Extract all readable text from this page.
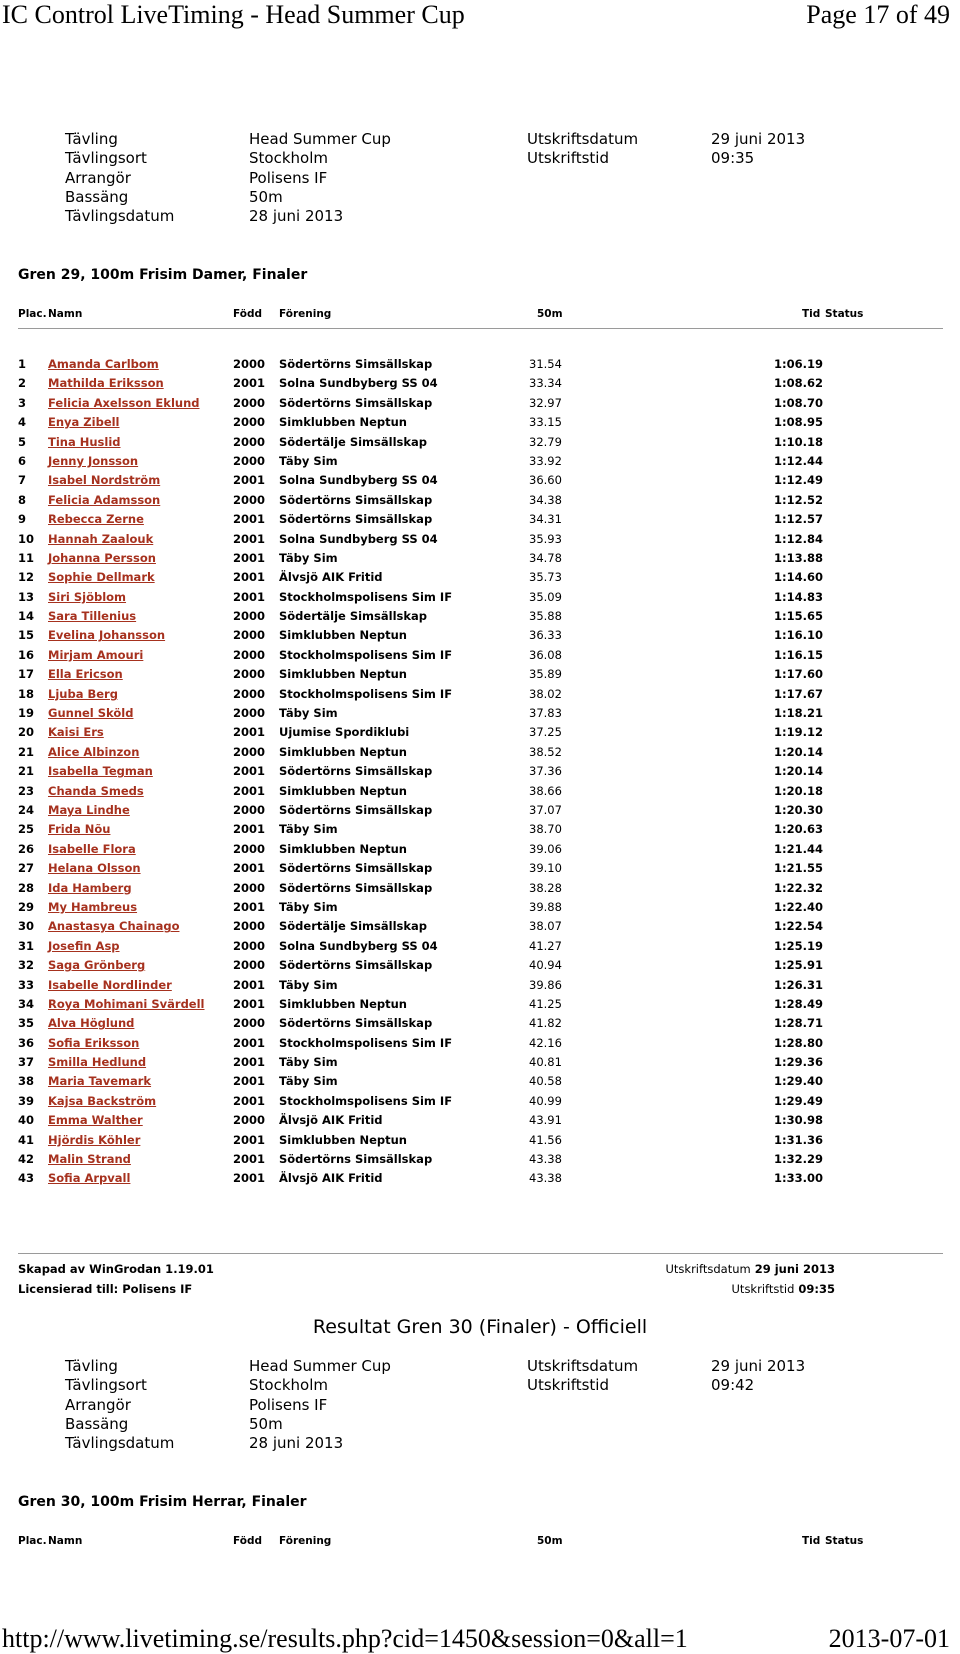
IC Control LiveTiming - Head Summer Cup	Page 17 of 49
Tävling	Head Summer Cup	Utskriftsdatum	29 juni 2013
Tävlingsort	Stockholm	Utskriftstid	09:35
Arrangör	Polisens IF
Bassäng	50m
Tävlingsdatum	28 juni 2013
Gren 29, 100m Frisim Damer, Finaler
Plac. Namn	Född Förening	50m	Tid Status
1 Amanda Carlbom	2000 Södertörns Simsällskap	31.54	1:06.19
2 Mathilda Eriksson	2001 Solna Sundbyberg SS 04	33.34	1:08.62
3 Felicia Axelsson Eklund	2000 Södertörns Simsällskap	32.97	1:08.70
4 Enya Zibell	2000 Simklubben Neptun	33.15	1:08.95
5 Tina Huslid	2000 Södertälje Simsällskap	32.79	1:10.18
6 Jenny Jonsson	2000 Täby Sim	33.92	1:12.44
7 Isabel Nordström	2001 Solna Sundbyberg SS 04	36.60	1:12.49
8 Felicia Adamsson	2000 Södertörns Simsällskap	34.38	1:12.52
9 Rebecca Zerne	2001 Södertörns Simsällskap	34.31	1:12.57
10 Hannah Zaalouk	2001 Solna Sundbyberg SS 04	35.93	1:12.84
11 Johanna Persson	2001 Täby Sim	34.78	1:13.88
12 Sophie Dellmark	2001 Älvsjö AIK Fritid	35.73	1:14.60
13 Siri Sjöblom	2001 Stockholmspolisens Sim IF	35.09	1:14.83
14 Sara Tillenius	2000 Södertälje Simsällskap	35.88	1:15.65
15 Evelina Johansson	2000 Simklubben Neptun	36.33	1:16.10
16 Mirjam Amouri	2000 Stockholmspolisens Sim IF	36.08	1:16.15
17 Ella Ericson	2000 Simklubben Neptun	35.89	1:17.60
18 Ljuba Berg	2000 Stockholmspolisens Sim IF	38.02	1:17.67
19 Gunnel Sköld	2000 Täby Sim	37.83	1:18.21
20 Kaisi Ers	2001 Ujumise Spordiklubi	37.25	1:19.12
21 Alice Albinzon	2000 Simklubben Neptun	38.52	1:20.14
21 Isabella Tegman	2001 Södertörns Simsällskap	37.36	1:20.14
23 Chanda Smeds	2001 Simklubben Neptun	38.66	1:20.18
24 Maya Lindhe	2000 Södertörns Simsällskap	37.07	1:20.30
25 Frida Nõu	2001 Täby Sim	38.70	1:20.63
26 Isabelle Flora	2000 Simklubben Neptun	39.06	1:21.44
27 Helana Olsson	2001 Södertörns Simsällskap	39.10	1:21.55
28 Ida Hamberg	2000 Södertörns Simsällskap	38.28	1:22.32
29 My Hambreus	2001 Täby Sim	39.88	1:22.40
30 Anastasya Chainago	2000 Södertälje Simsällskap	38.07	1:22.54
31 Josefin Asp	2000 Solna Sundbyberg SS 04	41.27	1:25.19
32 Saga Grönberg	2000 Södertörns Simsällskap	40.94	1:25.91
33 Isabelle Nordlinder	2001 Täby Sim	39.86	1:26.31
34 Roya Mohimani Svärdell 2001 Simklubben Neptun	41.25	1:28.49
35 Alva Höglund	2000 Södertörns Simsällskap	41.82	1:28.71
36 Sofia Eriksson	2001 Stockholmspolisens Sim IF	42.16	1:28.80
37 Smilla Hedlund	2001 Täby Sim	40.81	1:29.36
38 Maria Tavemark	2001 Täby Sim	40.58	1:29.40
39 Kajsa Backström	2001 Stockholmspolisens Sim IF	40.99	1:29.49
40 Emma Walther	2000 Älvsjö AIK Fritid	43.91	1:30.98
41 Hjördis Köhler	2001 Simklubben Neptun	41.56	1:31.36
42 Malin Strand	2001 Södertörns Simsällskap	43.38	1:32.29
43 Sofia Arpvall	2001 Älvsjö AIK Fritid	43.38	1:33.00
Skapad av WinGrodan 1.19.01
Licensierad till: Polisens IF
Utskriftsdatum 29 juni 2013
Utskriftstid 09:35
Resultat Gren 30 (Finaler) - Officiell
Tävling	Head Summer Cup	Utskriftsdatum	29 juni 2013
Tävlingsort	Stockholm	Utskriftstid	09:42
Arrangör	Polisens IF
Bassäng	50m
Tävlingsdatum	28 juni 2013
Gren 30, 100m Frisim Herrar, Finaler
Plac. Namn	Född Förening	50m	Tid Status
http://www.livetiming.se/results.php?cid=1450&session=0&all=1	2013-07-01
